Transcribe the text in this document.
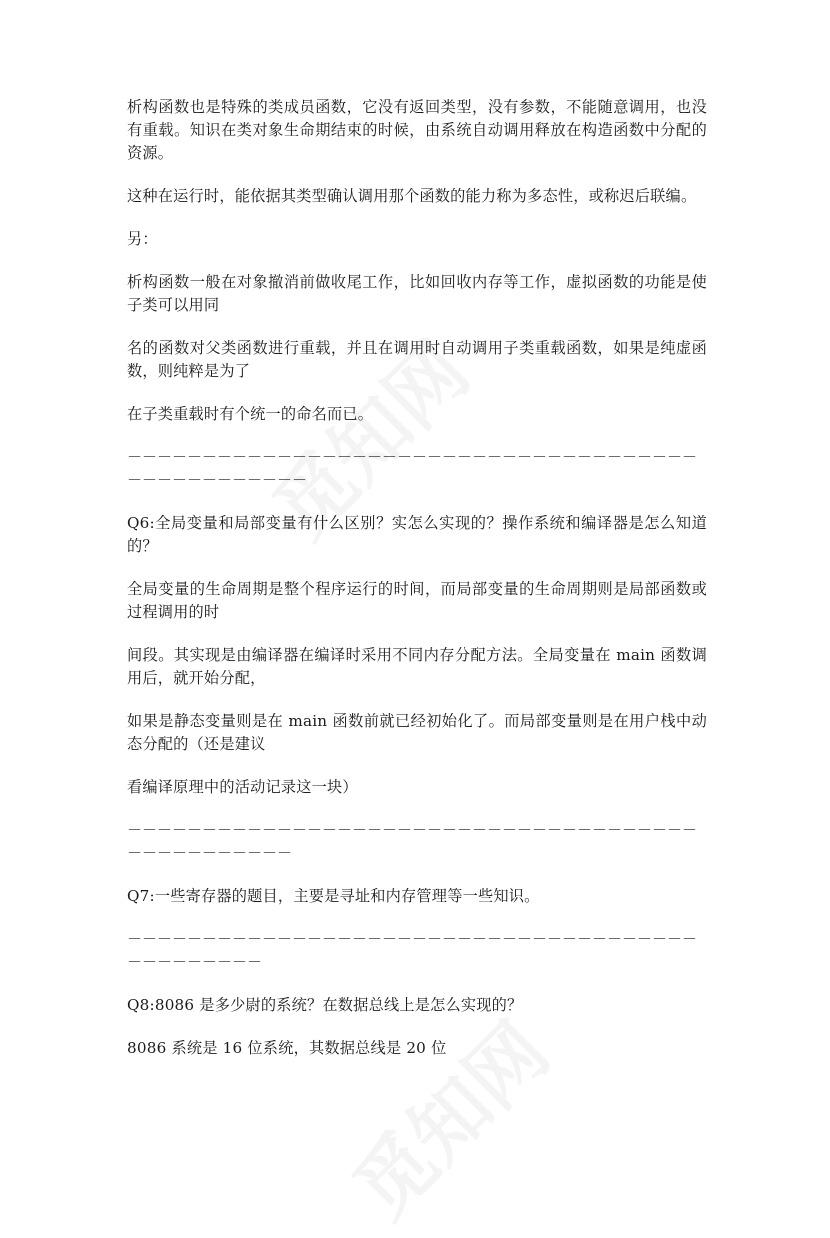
析构函数也是特殊的类成员函数，它没有返回类型，没有参数，不能随意调用，也没有重载。知识在类对象生命期结束的时候，由系统自动调用释放在构造函数中分配的资源。

这种在运行时，能依据其类型确认调用那个函数的能力称为多态性，或称迟后联编。

另：

析构函数一般在对象撤消前做收尾工作，比如回收内存等工作，虚拟函数的功能是使子类可以用同

名的函数对父类函数进行重载，并且在调用时自动调用子类重载函数，如果是纯虚函数，则纯粹是为了

在子类重载时有个统一的命名而已。

－－－－－－－－－－－－－－－－－－－－－－－－－－－－－－－－－－－－－－－－－－－－－－－－－－

Q6:全局变量和局部变量有什么区别？实怎么实现的？操作系统和编译器是怎么知道的？

全局变量的生命周期是整个程序运行的时间，而局部变量的生命周期则是局部函数或过程调用的时

间段。其实现是由编译器在编译时采用不同内存分配方法。全局变量在 main 函数调用后，就开始分配，

如果是静态变量则是在 main 函数前就已经初始化了。而局部变量则是在用户栈中动态分配的（还是建议

看编译原理中的活动记录这一块）

－－－－－－－－－－－－－－－－－－－－－－－－－－－－－－－－－－－－－－－－－－－－－－－－－

Q7:一些寄存器的题目，主要是寻址和内存管理等一些知识。

－－－－－－－－－－－－－－－－－－－－－－－－－－－－－－－－－－－－－－－－－－－－－－－

Q8:8086 是多少尉的系统？在数据总线上是怎么实现的？

8086 系统是 16 位系统，其数据总线是 20 位
